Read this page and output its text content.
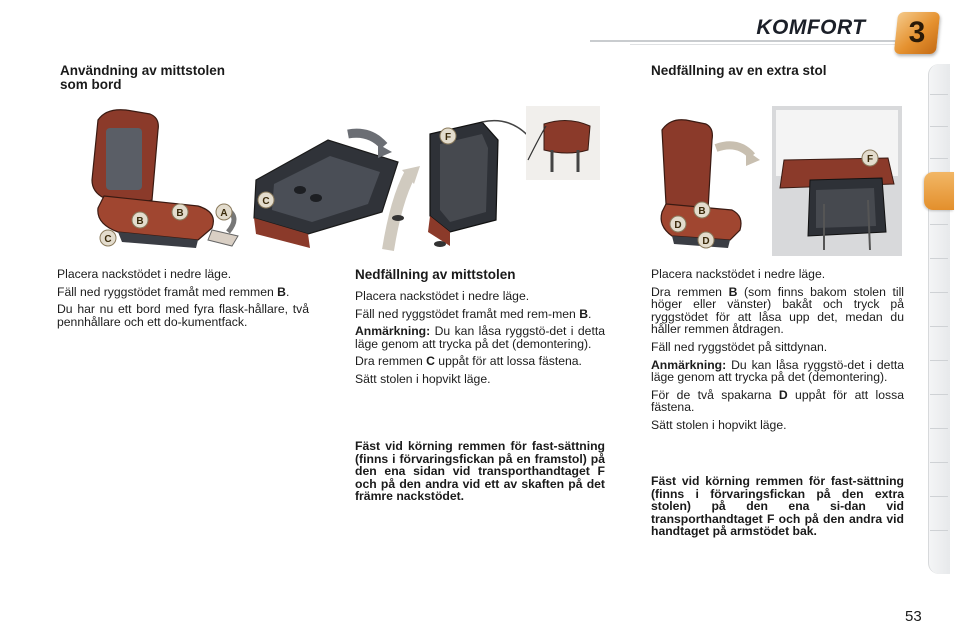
KOMFORT	3
Användning av mittstolen
som bord
Nedfällning av en extra stol
A
B
B
C
C
F
B
D
D
F

Placera nackstödet i nedre läge.

Fäll ned ryggstödet framåt med remmen B.

Du har nu ett bord med fyra flask-hållare, två pennhållare och ett do-kumentfack.

Nedfällning av mittstolen

Placera nackstödet i nedre läge.

Fäll ned ryggstödet framåt med rem-men B.

Anmärkning: Du kan låsa ryggstö-det i detta läge genom att trycka på det (demontering).

Dra remmen C uppåt för att lossa fästena.

Sätt stolen i hopvikt läge.

Fäst vid körning remmen för fast-sättning (finns i förvaringsfickan på en framstol) på den ena sidan vid transporthandtaget F och på den andra vid ett av skaften på det främre nackstödet.

Placera nackstödet i nedre läge.

Dra remmen B (som finns bakom stolen till höger eller vänster) bakåt och tryck på ryggstödet för att låsa upp det, medan du håller remmen åtdragen.

Fäll ned ryggstödet på sittdynan.

Anmärkning: Du kan låsa ryggstö-det i detta läge genom att trycka på det (demontering).

För de två spakarna D uppåt för att lossa fästena.

Sätt stolen i hopvikt läge.

Fäst vid körning remmen för fast-sättning (finns i förvaringsfickan på den extra stolen) på den ena si-dan vid transporthandtaget F och på den andra vid handtaget på armstödet bak.
53
